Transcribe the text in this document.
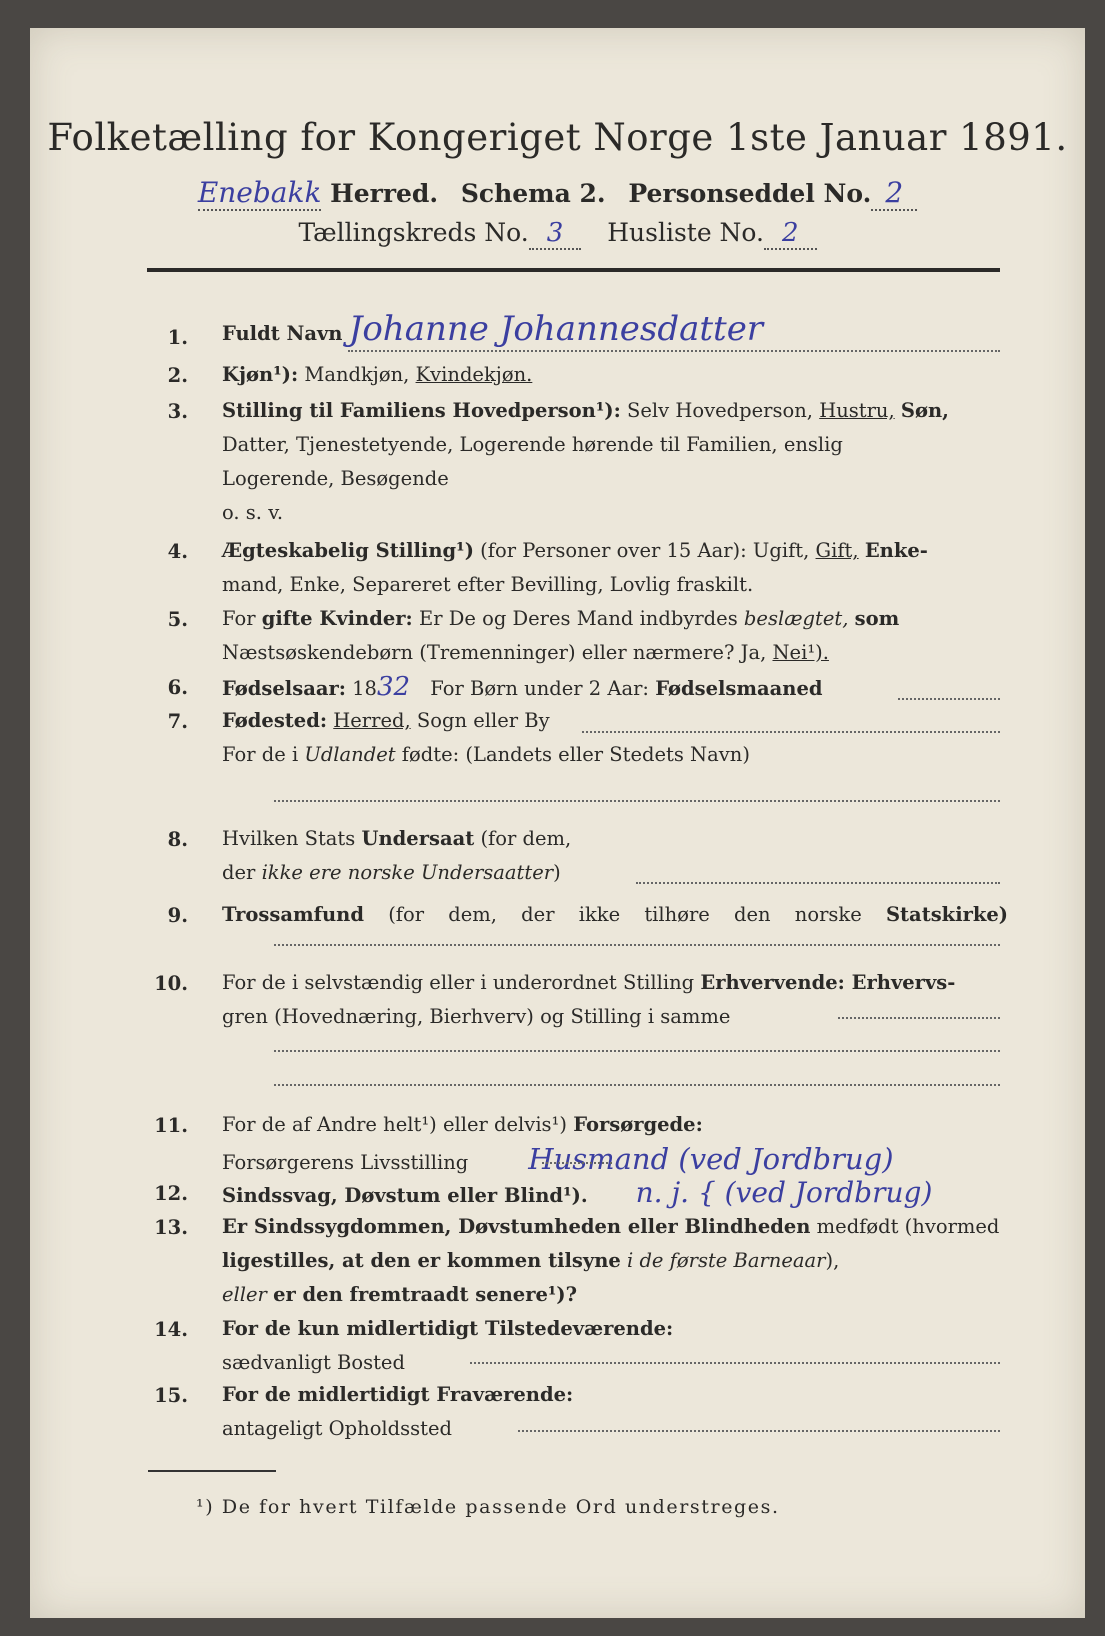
Folketælling for Kongeriget Norge 1ste Januar 1891.
Enebakk Herred. Schema 2. Personseddel No. 2
Tællingskreds No. 3 Husliste No. 2
1. Fuldt Navn Johanne Johannesdatter
2. Kjøn¹): Mandkjøn, Kvindekjøn.
3. Stilling til Familiens Hovedperson¹): Selv Hovedperson, Hustru, Søn,
Datter, Tjenestetyende, Logerende hørende til Familien, enslig
Logerende, Besøgende
o. s. v.
4. Ægteskabelig Stilling¹) (for Personer over 15 Aar): Ugift, Gift, Enke-
mand, Enke, Separeret efter Bevilling, Lovlig fraskilt.
5. For gifte Kvinder: Er De og Deres Mand indbyrdes beslægtet, som
Næstsøskendebørn (Tremenninger) eller nærmere? Ja, Nei¹).
6. Fødselsaar: 1832 For Børn under 2 Aar: Fødselsmaaned
7. Fødested: Herred, Sogn eller By
For de i Udlandet fødte: (Landets eller Stedets Navn)
8. Hvilken Stats Undersaat (for dem,
der ikke ere norske Undersaatter)
9. Trossamfund (for dem, der ikke tilhøre den norske Statskirke)
10. For de i selvstændig eller i underordnet Stilling Erhvervende: Erhvervs-
gren (Hovednæring, Bierhverv) og Stilling i samme
11. For de af Andre helt¹) eller delvis¹) Forsørgede:
Forsørgerens Livsstilling Husmand (ved Jordbrug)
12. Sindssvag, Døvstum eller Blind¹). n. j. { (ved Jordbrug)
13. Er Sindssygdommen, Døvstumheden eller Blindheden medfødt (hvormed
ligestilles, at den er kommen tilsyne i de første Barneaar),
eller er den fremtraadt senere¹)?
14. For de kun midlertidigt Tilstedeværende:
sædvanligt Bosted
15. For de midlertidigt Fraværende:
antageligt Opholdssted
¹) De for hvert Tilfælde passende Ord understreges.
